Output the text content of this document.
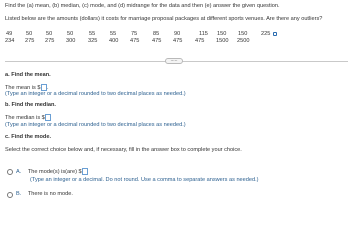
Find the (a) mean, (b) median, (c) mode, and (d) midrange for the data and then (e) answer the given question.
Listed below are the amounts (dollars) it costs for marriage proposal packages at different sports venues. Are there any outliers?
49 50 50	50	55	55	75	85	90	115 150 150 225
234 275 275 300 325 400 475 475 475 475 1500 2500
.....
a. Find the mean.
The mean is $ .
(Type an integer or a decimal rounded to two decimal places as needed.)
b. Find the median.
The median is $
(Type an integer or a decimal rounded to two decimal places as needed.)
c. Find the mode.
Select the correct choice below and, if necessary, fill in the answer box to complete your choice.
A. The mode(s) is(are) $
(Type an integer or a decimal. Do not round. Use a comma to separate answers as needed.)
B. There is no mode.
